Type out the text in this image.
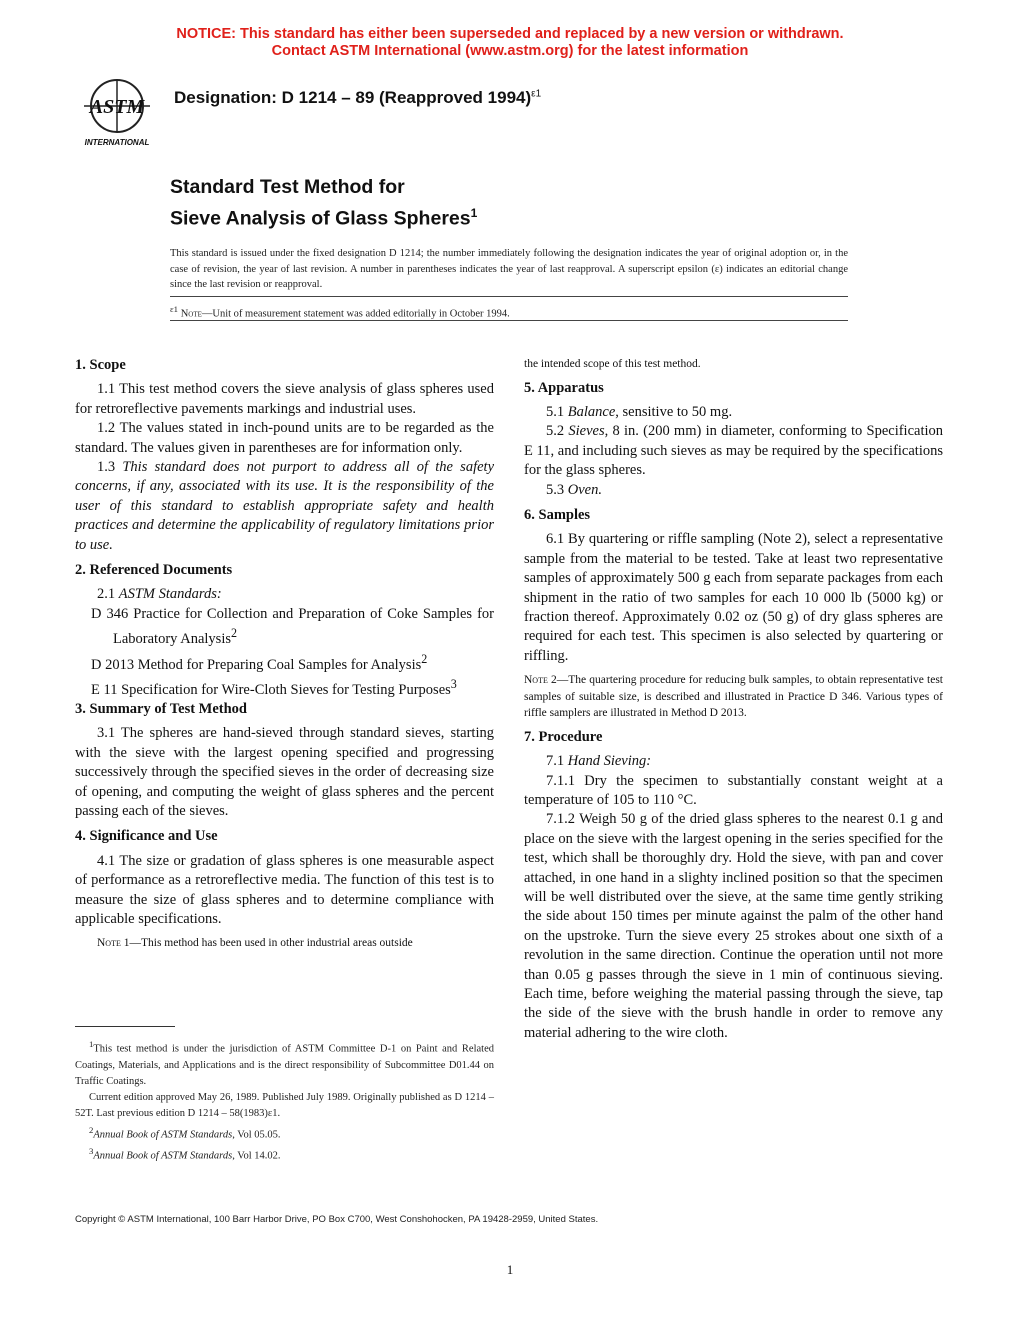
NOTICE: This standard has either been superseded and replaced by a new version or withdrawn.
Contact ASTM International (www.astm.org) for the latest information
ASTM
INTERNATIONAL
Designation: D 1214 – 89 (Reapproved 1994)$^{\varepsilon 1}$
Standard Test Method for
Sieve Analysis of Glass Spheres$^1$
This standard is issued under the fixed designation D 1214; the number immediately following the designation indicates the year of original adoption or, in the case of revision, the year of last revision. A number in parentheses indicates the year of last reapproval. A superscript epsilon (ε) indicates an editorial change since the last revision or reapproval.
$^{\varepsilon 1}$ Note—Unit of measurement statement was added editorially in October 1994.
1. Scope

1.1 This test method covers the sieve analysis of glass spheres used for retroreflective pavements markings and industrial uses.

1.2 The values stated in inch-pound units are to be regarded as the standard. The values given in parentheses are for information only.

1.3 This standard does not purport to address all of the safety concerns, if any, associated with its use. It is the responsibility of the user of this standard to establish appropriate safety and health practices and determine the applicability of regulatory limitations prior to use.

2. Referenced Documents

2.1 ASTM Standards:

D 346 Practice for Collection and Preparation of Coke Samples for Laboratory Analysis$^2$
D 2013 Method for Preparing Coal Samples for Analysis$^2$
E 11 Specification for Wire-Cloth Sieves for Testing Purposes$^3$
3. Summary of Test Method

3.1 The spheres are hand-sieved through standard sieves, starting with the sieve with the largest opening specified and progressing successively through the specified sieves in the order of decreasing size of opening, and computing the weight of glass spheres and the percent passing each of the sieves.

4. Significance and Use

4.1 The size or gradation of glass spheres is one measurable aspect of performance as a retroreflective media. The function of this test is to measure the size of glass spheres and to determine compliance with applicable specifications.

Note 1—This method has been used in other industrial areas outside

$^1$This test method is under the jurisdiction of ASTM Committee D-1 on Paint and Related Coatings, Materials, and Applications and is the direct responsibility of Subcommittee D01.44 on Traffic Coatings.

Current edition approved May 26, 1989. Published July 1989. Originally published as D 1214 – 52T. Last previous edition D 1214 – 58(1983)ε1.

$^2$Annual Book of ASTM Standards, Vol 05.05.

$^3$Annual Book of ASTM Standards, Vol 14.02.

the intended scope of this test method.
5. Apparatus

5.1 Balance, sensitive to 50 mg.

5.2 Sieves, 8 in. (200 mm) in diameter, conforming to Specification E 11, and including such sieves as may be required by the specifications for the glass spheres.

5.3 Oven.

6. Samples

6.1 By quartering or riffle sampling (Note 2), select a representative sample from the material to be tested. Take at least two representative samples of approximately 500 g each from separate packages from each shipment in the ratio of two samples for each 10 000 lb (5000 kg) or fraction thereof. Approximately 0.02 oz (50 g) of dry glass spheres are required for each test. This specimen is also selected by quartering or riffling.

Note 2—The quartering procedure for reducing bulk samples, to obtain representative test samples of suitable size, is described and illustrated in Practice D 346. Various types of riffle samplers are illustrated in Method D 2013.

7. Procedure

7.1 Hand Sieving:

7.1.1 Dry the specimen to substantially constant weight at a temperature of 105 to 110 °C.

7.1.2 Weigh 50 g of the dried glass spheres to the nearest 0.1 g and place on the sieve with the largest opening in the series specified for the test, which shall be thoroughly dry. Hold the sieve, with pan and cover attached, in one hand in a slighty inclined position so that the specimen will be well distributed over the sieve, at the same time gently striking the side about 150 times per minute against the palm of the other hand on the upstroke. Turn the sieve every 25 strokes about one sixth of a revolution in the same direction. Continue the operation until not more than 0.05 g passes through the sieve in 1 min of continuous sieving. Each time, before weighing the material passing through the sieve, tap the side of the sieve with the brush handle in order to remove any material adhering to the wire cloth.

Copyright © ASTM International, 100 Barr Harbor Drive, PO Box C700, West Conshohocken, PA 19428-2959, United States.
1
